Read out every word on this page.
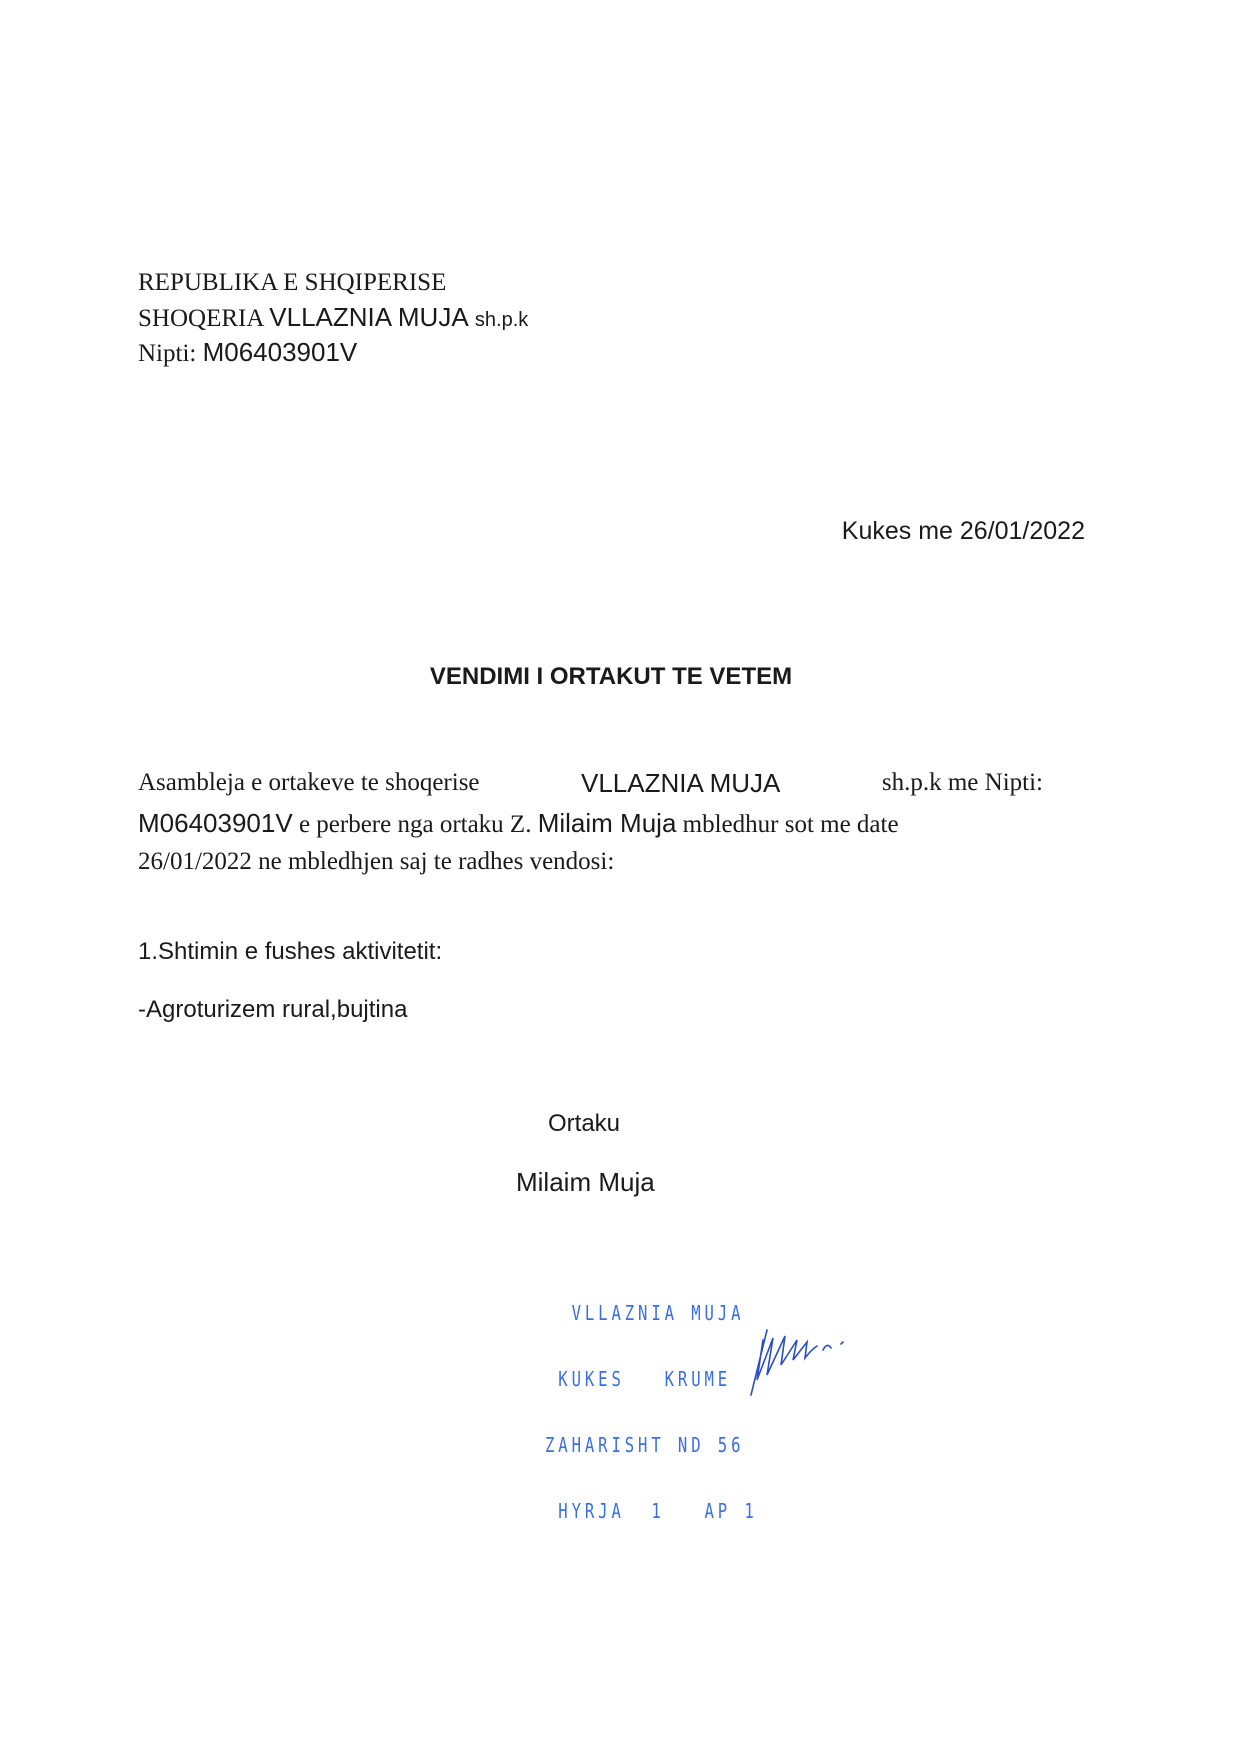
REPUBLIKA E SHQIPERISE
SHOQERIA VLLAZNIA MUJA sh.p.k
Nipti: M06403901V
Kukes me 26/01/2022
VENDIMI I ORTAKUT TE VETEM
Asambleja e ortakeve te shoqerise	VLLAZNIA MUJA	sh.p.k me Nipti:
M06403901V e perbere nga ortaku Z. Milaim Muja mbledhur sot me date
26/01/2022 ne mbledhjen saj te radhes vendosi:
1.Shtimin e fushes aktivitetit:
-Agroturizem rural,bujtina
Ortaku
Milaim Muja

VLLAZNIA MUJA

KUKES   KRUME

ZAHARISHT ND 56

HYRJA  1   AP 1
